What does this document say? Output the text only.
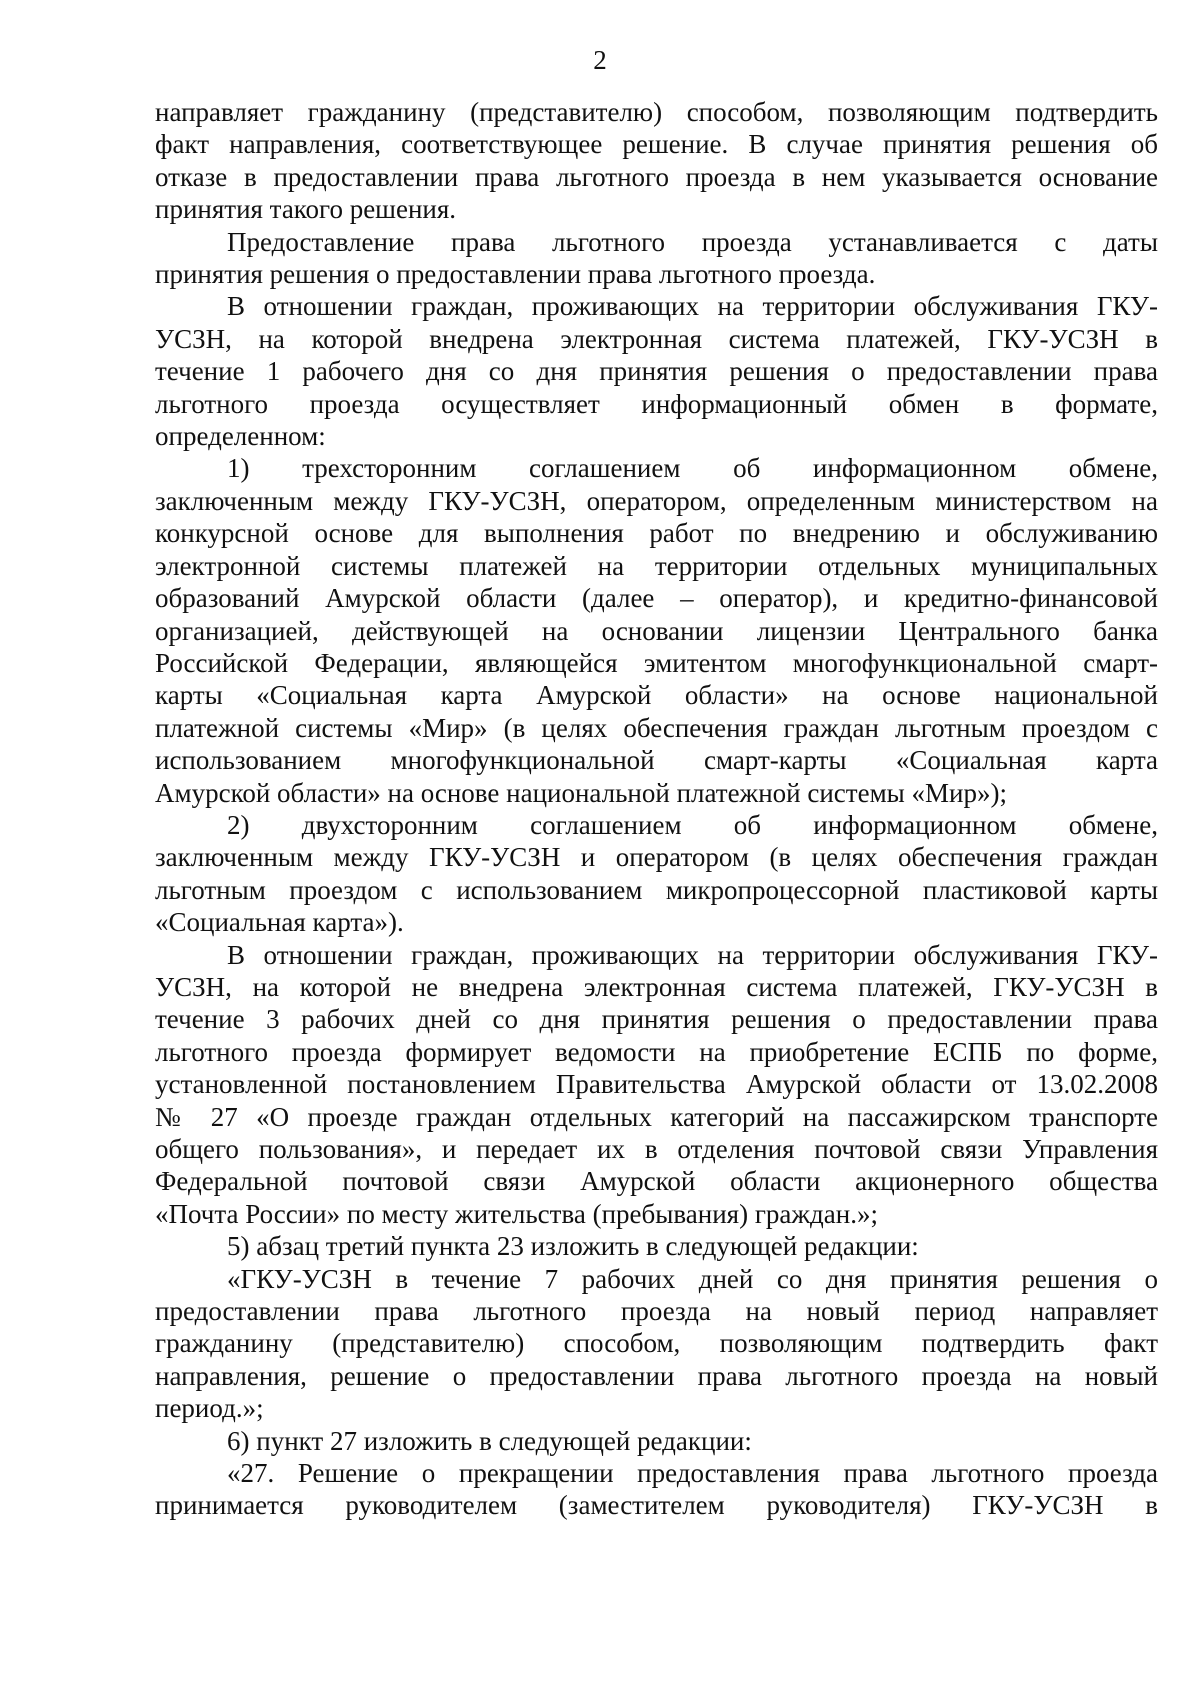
2

направляет гражданину (представителю) способом, позволяющим подтвердить
факт направления, соответствующее решение. В случае принятия решения об
отказе в предоставлении права льготного проезда в нем указывается основание
принятия такого решения.

Предоставление права льготного проезда устанавливается с даты
принятия решения о предоставлении права льготного проезда.

В отношении граждан, проживающих на территории обслуживания ГКУ-
УСЗН, на которой внедрена электронная система платежей, ГКУ-УСЗН в
течение 1 рабочего дня со дня принятия решения о предоставлении права
льготного проезда осуществляет информационный обмен в формате,
определенном:

1) трехсторонним соглашением об информационном обмене,
заключенным между ГКУ-УСЗН, оператором, определенным министерством на
конкурсной основе для выполнения работ по внедрению и обслуживанию
электронной системы платежей на территории отдельных муниципальных
образований Амурской области (далее – оператор), и кредитно-финансовой
организацией, действующей на основании лицензии Центрального банка
Российской Федерации, являющейся эмитентом многофункциональной смарт-
карты «Социальная карта Амурской области» на основе национальной
платежной системы «Мир» (в целях обеспечения граждан льготным проездом с
использованием многофункциональной смарт-карты «Социальная карта
Амурской области» на основе национальной платежной системы «Мир»);

2) двухсторонним соглашением об информационном обмене,
заключенным между ГКУ-УСЗН и оператором (в целях обеспечения граждан
льготным проездом с использованием микропроцессорной пластиковой карты
«Социальная карта»).

В отношении граждан, проживающих на территории обслуживания ГКУ-
УСЗН, на которой не внедрена электронная система платежей, ГКУ-УСЗН в
течение 3 рабочих дней со дня принятия решения о предоставлении права
льготного проезда формирует ведомости на приобретение ЕСПБ по форме,
установленной постановлением Правительства Амурской области от 13.02.2008
№ 27 «О проезде граждан отдельных категорий на пассажирском транспорте
общего пользования», и передает их в отделения почтовой связи Управления
Федеральной почтовой связи Амурской области акционерного общества
«Почта России» по месту жительства (пребывания) граждан.»;

5) абзац третий пункта 23 изложить в следующей редакции:

«ГКУ-УСЗН в течение 7 рабочих дней со дня принятия решения о
предоставлении права льготного проезда на новый период направляет
гражданину (представителю) способом, позволяющим подтвердить факт
направления, решение о предоставлении права льготного проезда на новый
период.»;

6) пункт 27 изложить в следующей редакции:

«27. Решение о прекращении предоставления права льготного проезда
принимается руководителем (заместителем руководителя) ГКУ-УСЗН в
